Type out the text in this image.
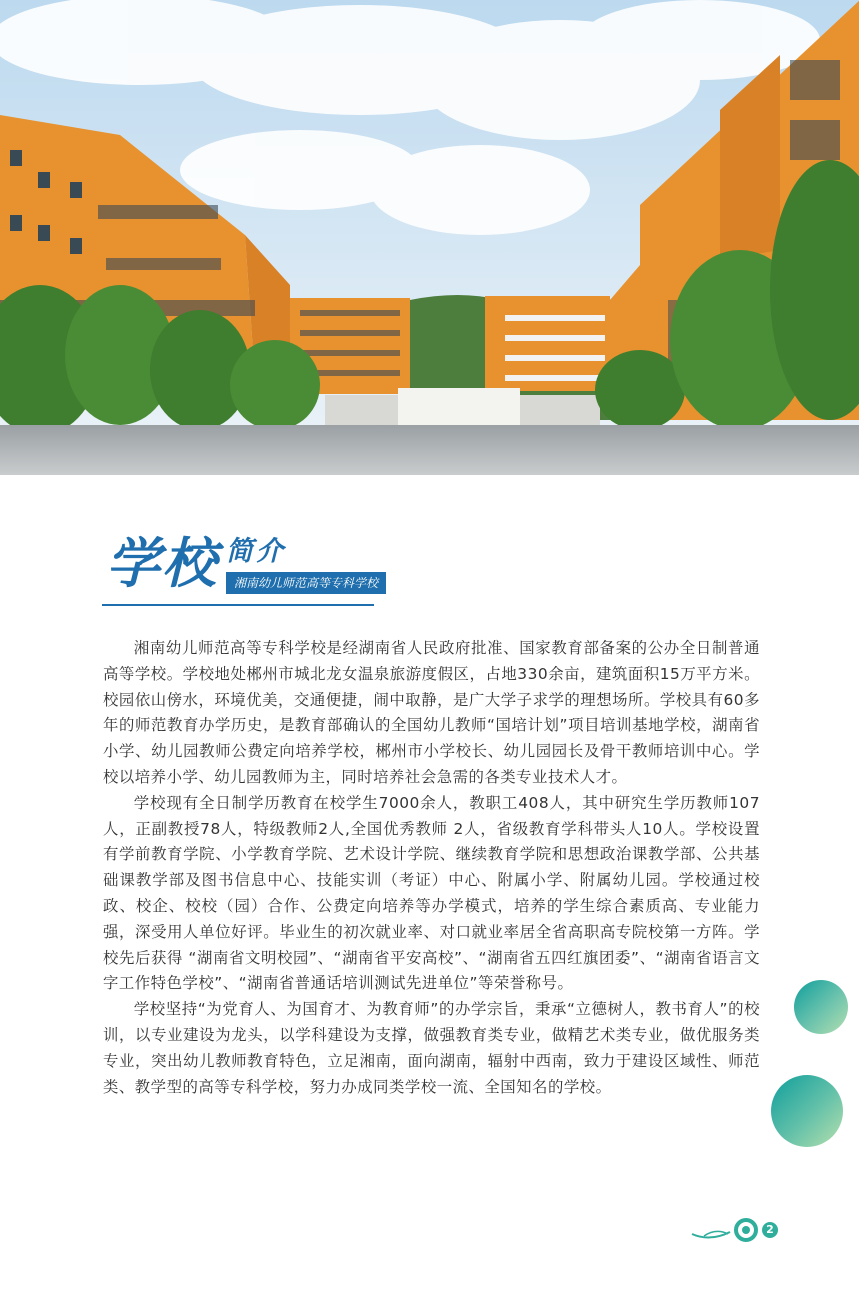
学校 简介
湘南幼儿师范高等专科学校

湘南幼儿师范高等专科学校是经湖南省人民政府批准、国家教育部备案的公办全日制普通高等学校。学校地处郴州市城北龙女温泉旅游度假区，占地330余亩，建筑面积15万平方米。校园依山傍水，环境优美，交通便捷，闹中取静，是广大学子求学的理想场所。学校具有60多年的师范教育办学历史，是教育部确认的全国幼儿教师“国培计划”项目培训基地学校，湖南省小学、幼儿园教师公费定向培养学校，郴州市小学校长、幼儿园园长及骨干教师培训中心。学校以培养小学、幼儿园教师为主，同时培养社会急需的各类专业技术人才。

学校现有全日制学历教育在校学生7000余人，教职工408人，其中研究生学历教师107人，正副教授78人，特级教师2人,全国优秀教师 2人，省级教育学科带头人10人。学校设置有学前教育学院、小学教育学院、艺术设计学院、继续教育学院和思想政治课教学部、公共基础课教学部及图书信息中心、技能实训（考证）中心、附属小学、附属幼儿园。学校通过校政、校企、校校（园）合作、公费定向培养等办学模式，培养的学生综合素质高、专业能力强，深受用人单位好评。毕业生的初次就业率、对口就业率居全省高职高专院校第一方阵。学校先后获得 “湖南省文明校园”、“湖南省平安高校”、“湖南省五四红旗团委”、“湖南省语言文字工作特色学校”、“湖南省普通话培训测试先进单位”等荣誉称号。

学校坚持“为党育人、为国育才、为教育师”的办学宗旨，秉承“立德树人，教书育人”的校训，以专业建设为龙头，以学科建设为支撑，做强教育类专业，做精艺术类专业，做优服务类专业，突出幼儿教师教育特色，立足湘南，面向湖南，辐射中西南，致力于建设区域性、师范类、教学型的高等专科学校，努力办成同类学校一流、全国知名的学校。

2
